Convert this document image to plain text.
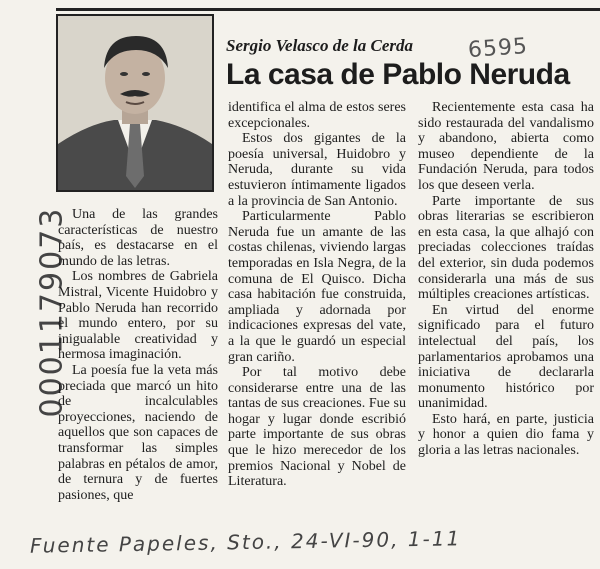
0001179073
Sergio Velasco de la Cerda 6595
La casa de Pablo Neruda

Una de las grandes características de nuestro país, es destacarse en el mundo de las letras.

Los nombres de Gabriela Mistral, Vicente Huidobro y Pablo Neruda han recorrido el mundo entero, por su inigualable creatividad y hermosa imaginación.

La poesía fue la veta más preciada que marcó un hito de incalculables proyecciones, naciendo de aquellos que son capaces de transformar las simples palabras en pétalos de amor, de ternura y de fuertes pasiones, que

identifica el alma de estos seres excepcionales.

Estos dos gigantes de la poesía universal, Huidobro y Neruda, durante su vida estuvieron íntimamente ligados a la provincia de San Antonio.

Particularmente Pablo Neruda fue un amante de las costas chilenas, viviendo largas temporadas en Isla Negra, de la comuna de El Quisco. Dicha casa habitación fue construida, ampliada y adornada por indicaciones expresas del vate, a la que le guardó un especial gran cariño.

Por tal motivo debe considerarse entre una de las tantas de sus creaciones. Fue su hogar y lugar donde escribió parte importante de sus obras que le hizo merecedor de los premios Nacional y Nobel de Literatura.

Recientemente esta casa ha sido restaurada del vandalismo y abandono, abierta como museo dependiente de la Fundación Neruda, para todos los que deseen verla.

Parte importante de sus obras literarias se escribieron en esta casa, la que alhajó con preciadas colecciones traídas del exterior, sin duda podemos considerarla una más de sus múltiples creaciones artísticas.

En virtud del enorme significado para el futuro intelectual del país, los parlamentarios aprobamos una iniciativa de declararla monumento histórico por unanimidad.

Esto hará, en parte, justicia y honor a quien dio fama y gloria a las letras nacionales.

Fuente Papeles, Sto., 24-VI-90, 1-11
